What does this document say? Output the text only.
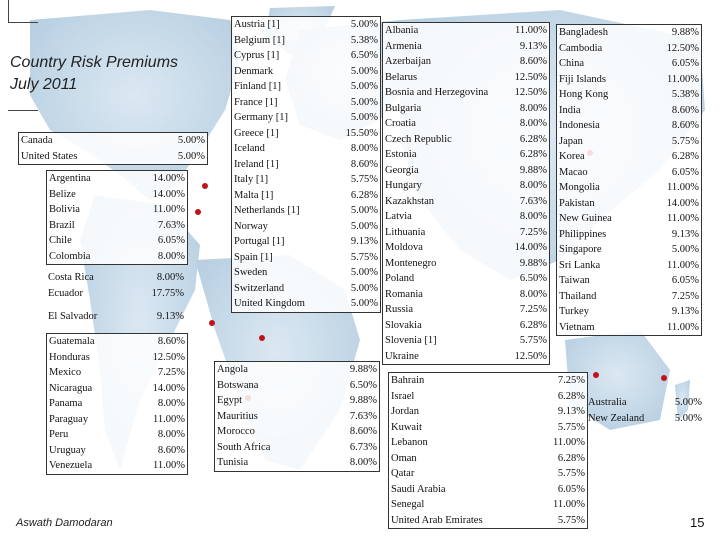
Country Risk Premiums
July 2011
Canada	5.00%
United States	5.00%
Argentina	14.00%
Belize	14.00%
Bolivia	11.00%
Brazil	7.63%
Chile	6.05%
Colombia	8.00%
Costa Rica	8.00%
Ecuador	17.75%
El Salvador	9.13%
Guatemala	8.60%
Honduras	12.50%
Mexico	7.25%
Nicaragua	14.00%
Panama	8.00%
Paraguay	11.00%
Peru	8.00%
Uruguay	8.60%
Venezuela	11.00%
Austria [1]	5.00%
Belgium [1]	5.38%
Cyprus [1]	6.50%
Denmark	5.00%
Finland [1]	5.00%
France [1]	5.00%
Germany [1]	5.00%
Greece [1]	15.50%
Iceland	8.00%
Ireland [1]	8.60%
Italy [1]	5.75%
Malta [1]	6.28%
Netherlands [1]	5.00%
Norway	5.00%
Portugal [1]	9.13%
Spain [1]	5.75%
Sweden	5.00%
Switzerland	5.00%
United Kingdom	5.00%
Angola	9.88%
Botswana	6.50%
Egypt	9.88%
Mauritius	7.63%
Morocco	8.60%
South Africa	6.73%
Tunisia	8.00%
Albania	11.00%
Armenia	9.13%
Azerbaijan	8.60%
Belarus	12.50%
Bosnia and Herzegovina	12.50%
Bulgaria	8.00%
Croatia	8.00%
Czech Republic	6.28%
Estonia	6.28%
Georgia	9.88%
Hungary	8.00%
Kazakhstan	7.63%
Latvia	8.00%
Lithuania	7.25%
Moldova	14.00%
Montenegro	9.88%
Poland	6.50%
Romania	8.00%
Russia	7.25%
Slovakia	6.28%
Slovenia [1]	5.75%
Ukraine	12.50%
Bahrain	7.25%
Israel	6.28%
Jordan	9.13%
Kuwait	5.75%
Lebanon	11.00%
Oman	6.28%
Qatar	5.75%
Saudi Arabia	6.05%
Senegal	11.00%
United Arab Emirates	5.75%
Bangladesh	9.88%
Cambodia	12.50%
China	6.05%
Fiji Islands	11.00%
Hong Kong	5.38%
India	8.60%
Indonesia	8.60%
Japan	5.75%
Korea	6.28%
Macao	6.05%
Mongolia	11.00%
Pakistan	14.00%
New Guinea	11.00%
Philippines	9.13%
Singapore	5.00%
Sri Lanka	11.00%
Taiwan	6.05%
Thailand	7.25%
Turkey	9.13%
Vietnam	11.00%
Australia	5.00%
New Zealand	5.00%
Aswath Damodaran	15
